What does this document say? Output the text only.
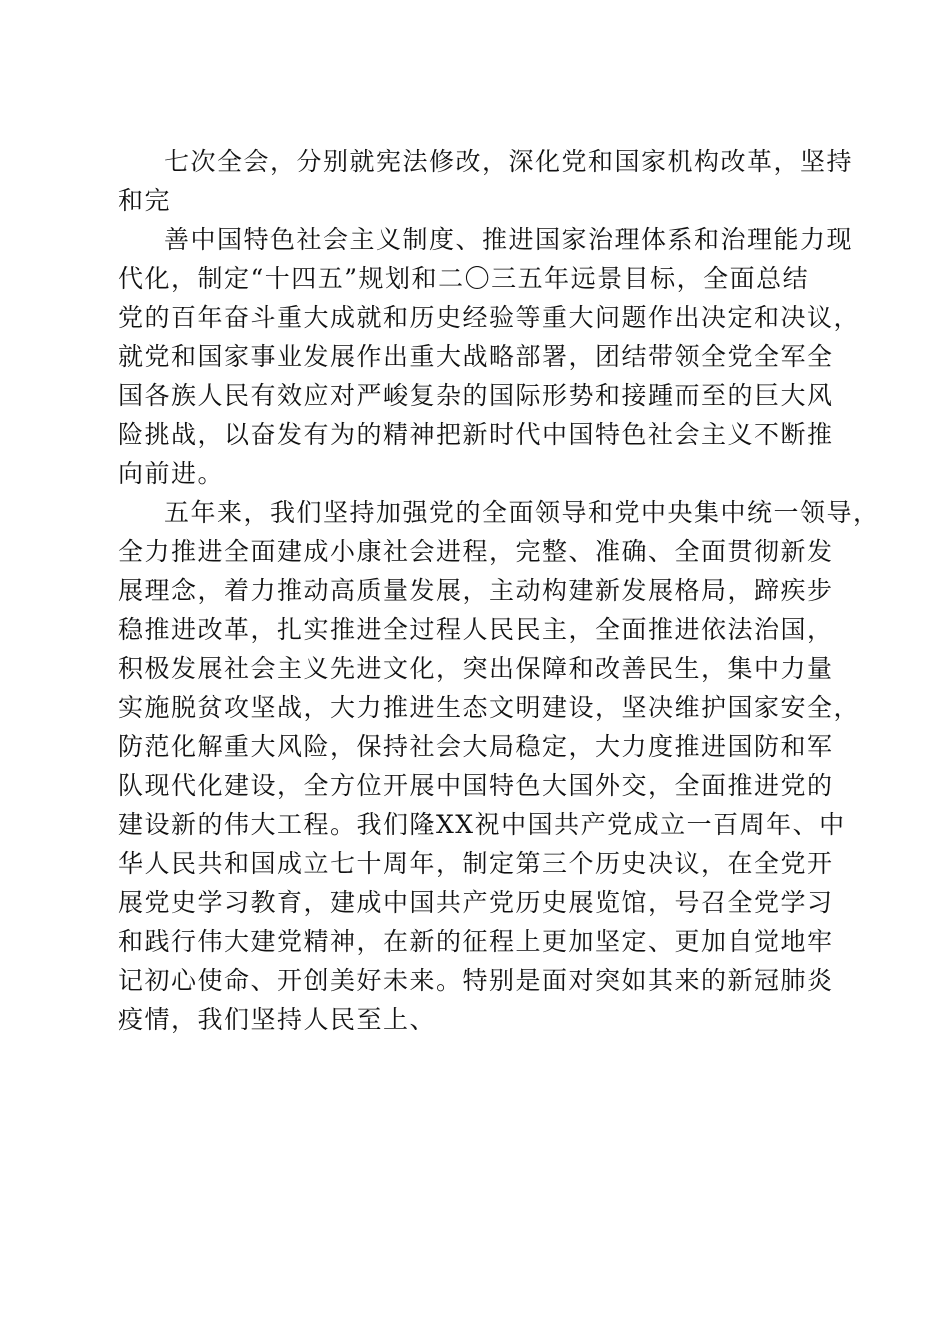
七次全会，分别就宪法修改，深化党和国家机构改革，坚持
和完
善中国特色社会主义制度、推进国家治理体系和治理能力现
代化，制定“十四五”规划和二〇三五年远景目标，全面总结
党的百年奋斗重大成就和历史经验等重大问题作出决定和决议，
就党和国家事业发展作出重大战略部署，团结带领全党全军全
国各族人民有效应对严峻复杂的国际形势和接踵而至的巨大风
险挑战，以奋发有为的精神把新时代中国特色社会主义不断推
向前进。
五年来，我们坚持加强党的全面领导和党中央集中统一领导，
全力推进全面建成小康社会进程，完整、准确、全面贯彻新发
展理念，着力推动高质量发展，主动构建新发展格局，蹄疾步
稳推进改革，扎实推进全过程人民民主，全面推进依法治国，
积极发展社会主义先进文化，突出保障和改善民生，集中力量
实施脱贫攻坚战，大力推进生态文明建设，坚决维护国家安全，
防范化解重大风险，保持社会大局稳定，大力度推进国防和军
队现代化建设，全方位开展中国特色大国外交，全面推进党的
建设新的伟大工程。我们隆XX祝中国共产党成立一百周年、中
华人民共和国成立七十周年，制定第三个历史决议，在全党开
展党史学习教育，建成中国共产党历史展览馆，号召全党学习
和践行伟大建党精神，在新的征程上更加坚定、更加自觉地牢
记初心使命、开创美好未来。特别是面对突如其来的新冠肺炎
疫情，我们坚持人民至上、
